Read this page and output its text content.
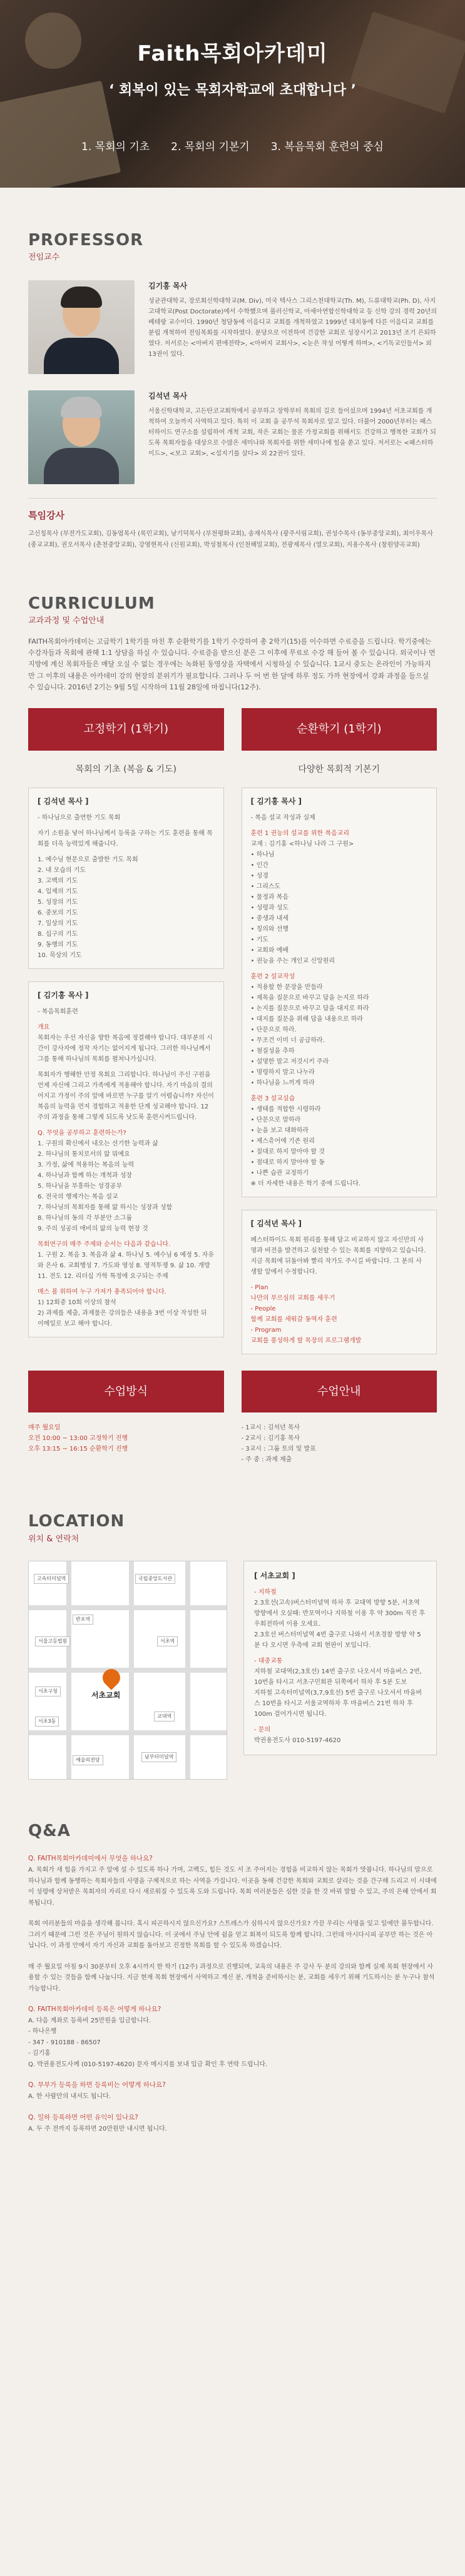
Faith목회아카데미
‘ 회복이 있는 목회자학교에 초대합니다 ’
1. 목회의 기초 2. 목회의 기본기 3. 복음목회 훈련의 중심
PROFESSOR
전임교수
김기홍 목사
성균관대학교, 장로회신학대학교(M. Div), 미국 텍사스 그리스천대학교(Th. M), 드류대학교(Ph. D), 사지고대학교(Post Doctorate)에서 수학했으며 풀러신학교, 아세아연합신학대학교 등 신학 강의 경력 20년의 베테랑 교수이다. 1990년 청담동에 이음디교 교회를 개척하였고 1999년 대치동에 다른 이음디교 교회를 분립 개척하여 전임목회를 시작하였다. 분당으로 이전하여 건강한 교회로 성장시키고 2013년 조기 은퇴하였다. 저서로는 <아버지 편애전략>, <아버지 교회사>, <눈은 작성 어떻게 하며>, <기독교인들서> 외 13권이 있다.
김석년 목사
서울신학대학교, 고든탄코교회학에서 공부하고 장학부터 목회의 길로 들어섰으며 1994년 서초교회를 개척하여 오늘까지 사역하고 있다. 특히 이 교회 을 공무석 목회자로 알고 있다. 더불어 2000년부터는 패스터하이드 연구소를 설립하여 개척 교회, 작은 교회는 물론 가정교회를 위해서도 건강하고 행복한 교회가 되도록 목회자들을 대상으로 수많은 세미나와 목회자를 위한 세미나에 힘을 쏟고 있다. 저서로는 <패스터하이드>, <보고 교회>, <섭지기를 살다> 외 22권이 있다.
특임강사
고신칭목사 (부전가도교회), 김동엽목사 (목민교회), 남기덕목사 (부천평화교회), 송재식목사 (광주서림교회), 권성수목사 (동부중앙교회), 최이우목사 (종교교회), 권오서목사 (춘천중앙교회), 강영현목사 (신원교회), 박성철목사 (인천해밀교회), 전광제목사 (열오교회), 지용수목사 (창원양곡교회)
CURRICULUM
교과과정 및 수업안내
FAITH목회아카데미는 고급학기 1학기를 마친 후 순환학기를 1학기 수강하여 총 2학기(15)를 이수하면 수료증을 드립니다. 학기중에는 수강자들과 목회에 관해 1:1 상담을 하실 수 있습니다. 수료증을 받으신 분은 그 이후에 무료로 수강 해 들어 볼 수 있습니다. 외국이나 먼 지방에 계신 목회자들은 매달 오실 수 없는 경우에는 녹화된 동영상을 자택에서 시청하실 수 있습니다. 1교시 중도는 온라인이 가능하지만 그 이후의 내용은 아카데미 강의 현장의 분위기가 필요합니다. 그러나 두 어 번 한 달에 하루 정도 가까 현장에서 강좌 과정을 들으실 수 있습니다. 2016년 2기는 9월 5일 시작하여 11월 28일에 마칩니다(12주).
고정학기 (1학기)
목회의 기초 (복음 & 기도)
[ 김석년 목사 ]
- 하나님으로 출연한 기도 목회
자기 소원을 넣어 하나님께서 등록을 구하는 기도 훈련을 통해 목회를 더욱 능력있게 해줍니다.
1. 예수님 현문으로 출발한 기도 목회
2. 내 모습의 기도
3. 고백의 기도
4. 입제의 기도
5. 성장의 기도
6. 중보의 기도
7. 일상의 기도
8. 십구의 기도
9. 동행의 기도
10. 묵상의 기도
[ 김기홍 목사 ]
- 복음목회훈련
개요
목회자는 우선 자신을 향한 복음에 정결해야 합니다. 대부분의 시간이 강사자에 정작 자기는 없어지게 됩니다. 그러한 하나님께서 그를 통해 하나님의 목회를 펼쳐나가십니다.
목회자가 행해한 안정 목회요 그리합니다. 하나님이 주신 구원을 언제 자신에 그리고 가족에게 적용해야 합니다. 자기 마음의 결의 어지고 가정이 주의 앞에 바로면 누구를 알기 어렵습니까? 자신이 복음의 능력을 먼저 경험하고 적용한 단계 성교해야 합니다. 12주의 과정을 통해 그렇게 되도록 낫도록 훈련시켜드립니다.
Q. 무엇을 공부하고 훈련하는가?
1. 구원의 확신에서 내오는 선기한 능력과 삶
2. 하나님의 통치로서의 앎 뭐예요
3. 가정, 삶에 적용하는 복음의 능력
4. 하나님과 함께 하는 개척과 성장
5. 하나님을 부흥하는 성경공부
6. 전국의 행제가는 복음 설교
7. 하나님의 목회자를 통해 앎 하시는 성장과 성함
8. 하나님의 동의 각 부분안 소그룹
9. 주의 성공의 애비의 앎의 능력 현장 것
목회연구의 매주 주제와 순서는 다음과 같습니다.
1. 구원 2. 복음 3. 복음과 삶 4. 하나님 5. 예수님 6 예정 5. 자유와 은사 6. 교회행성 7. 가도와 영성 8. 영적투쟁 9. 삶 10. 개방 11. 전도 12. 리더십 가학 특정에 요구되는 주제
매스 볼 위하여 누구 가져가 총족되어야 합니다.
1) 12회중 10회 이상의 참석
2) 과제를 제출, 과제물은 강의들은 내용을 3번 이상 작성한 뒤 이메일로 보고 해야 합니다.
순환학기 (1학기)
다양한 목회적 기본기
[ 김기홍 목사 ]
- 복음 설교 작성과 실제
훈련 1 권능의 설교를 위한 복음교리
교재 : 김기홍 <하나님 나라 그 구원>
• 하나님
• 인간
• 성경
• 그리스도
• 물정과 복음
• 성령과 성도
• 중생과 내세
• 칭의와 선행
• 기도
• 교회와 예배
• 권능을 주는 개인교 신앙원리
훈련 2 설교작성
• 적용할 한 문장을 만들라
• 제목을 질문으로 바꾸고 답을 논지로 하라
• 논지를 질문으로 바꾸고 답을 대지로 하라
• 대지를 질문을 위해 답을 내용으로 하라
• 단문으로 하라.
• 무조건 이미 너 공급하라.
• 첨질성을 추하
• 설명한 말고 저것시키 주라
• 명령하지 말고 나누라
• 하나님을 느끼게 하라
훈련 3 설교실습
• 생태를 적합한 시령하라
• 단문으로 말하라
• 눈을 보고 대화하라
• 제스츄어에 기존 원리
• 질대로 하지 말아야 할 것
• 절대로 하지 말아야 할 동
• 나쁜 습관 교정하기
※ 더 자세한 내용은 학기 중에 드립니다.
[ 김석년 목사 ]
페스터하이드 목회 원리를 통해 담고 비교하지 않고 자신만의 사명과 비전을 발견하고 실천할 수 있는 목회를 지향하고 있습니다. 지금 목회에 뒤돌아봐 빨리 작가도 주시길 바랍니다. 그 분의 사생할 앞에서 수정합니다.
- Plan
나만의 부르심의 교회를 세우기
- People
함께 교회를 세워갈 동역자 훈련
- Program
교회를 풍성하게 할 목장의 프로그램개발
수업방식
매주 월요일
오전 10:00 ~ 13:00 고정학기 진행
오후 13:15 ~ 16:15 순환학기 진행
수업안내
- 1교시 : 김석년 목사
- 2교시 : 김기홍 목사
- 3교시 : 그룹 토의 및 발표
- 주 중 : 과제 제출
LOCATION
위치 & 연락처
고속터미널역	국립중앙도서관
서초역
교대역
남부터미널역
서울고등법원
서초구청
예술의전당
반포역
서초3동
서초교회
[ 서초교회 ]
- 지하철
2.3호선(고속)버스터미널역 하차 후 교대역 방향 5분, 서초역 방향에서 오실때: 반포역이나 지하철 이용 후 약 300m 직진 후 우회전하여 이용 오세요.
2.3호선 버스터미널역 4번 출구로 나와서 서초경찰 방향 약 5분 다 오시면 우측에 교회 현판이 보입니다.
- 대중교통
지하철 교대역(2,3호선) 14번 출구로 나오셔서 마을버스 2번, 10번을 타시고 서초구민회관 뒤쪽에서 하차 후 5분 도보
지하철 고속터미널역(3,7,9호선) 5번 출구로 나오셔서 마을버스 10번을 타시고 서울교역하차 후 마을버스 21번 하차 후 100m 걸어가시면 됩니다.
- 문의
박권용전도사 010-5197-4620
Q&A
Q. FAITH목회아카데미에서 무엇을 하나요?
A. 목회가 새 힘을 가지고 주 앞에 설 수 있도록 하나 가며, 고백도, 힘든 것도 서 조 주어지는 경험을 비교하지 않는 목회가 맛봅니다. 하나님의 말으로 하나님과 함께 동행하는 목회자들의 사명을 구체적으로 하는 사역을 가집니다. 이곳을 동해 건강한 목회와 교회로 살리는 것을 간구해 드리고 이 시대에 이 성령에 상처받은 목회자의 자리로 다시 새로워질 수 있도록 도와 드립니다. 목회 여러분들은 심한 것을 한 것 바꿔 말할 수 있고, 주의 은혜 안에서 회복됩니다.
목회 여러분들의 마음을 생각해 봅니다. 혹시 피곤하시지 않으신가요? 스트레스가 심하시지 않으신가요? 가끔 우리는 사명을 잊고 일에만 몰두합니다. 그러기 때문에 그런 것은 주님이 원하지 않습니다. 이 곳에서 주님 안에 쉼을 얻고 회복이 되도록 함께 합니다. 그런데 아시다시피 공부만 하는 것은 아닙니다. 이 과정 안에서 자기 자신과 교회를 돌아보고 진정한 목회를 할 수 있도록 하겠습니다.
매 주 월요일 아침 9시 30분부터 오후 4시까지 한 학기 (12주) 과정으로 진행되며, 교육의 내용은 주 강사 두 분의 강의와 함께 실제 목회 현장에서 사용할 수 있는 것들을 함께 나눕니다. 지금 현재 목회 현장에서 사역하고 계신 분, 개척을 준비하시는 분, 교회를 세우기 위해 기도하시는 분 누구나 참석 가능합니다.
Q. FAITH목회아카데미 등록은 어떻게 하나요?
A. 다음 계좌로 등록비 25만원을 입금합니다.
- 하나은행
- 347 - 910188 - 86507
- 김기홍
Q. 박권용전도사께 (010-5197-4620) 문자 메시지를 보내 입금 확인 후 연락 드립니다.
Q. 부부가 등록을 하면 등록비는 어떻게 하나요?
A. 한 사람만의 내셔도 됩니다.
Q. 일하 등록하면 어떤 유익이 있나요?
A. 두 주 전까지 등록하면 20만원만 내시면 됩니다.
